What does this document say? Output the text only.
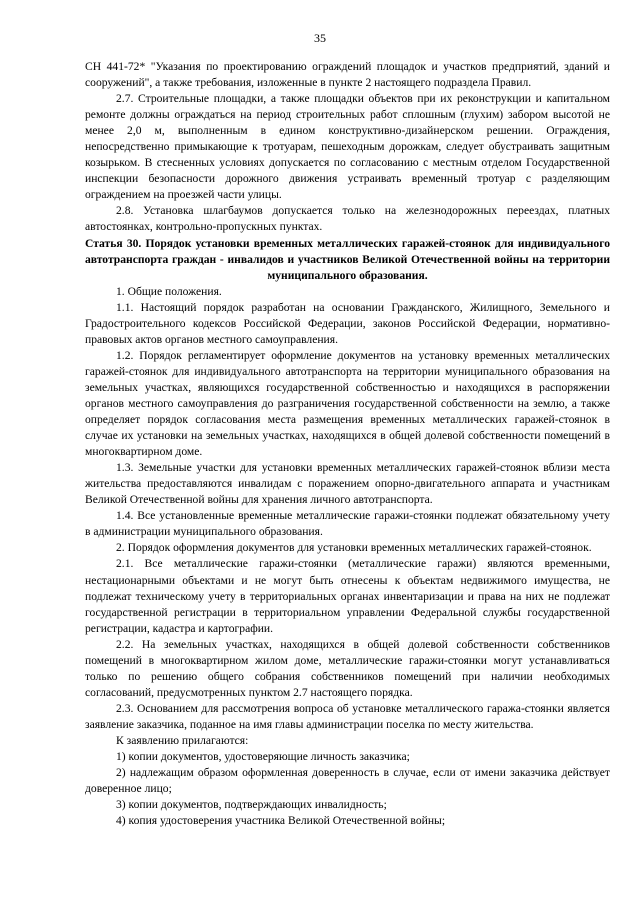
35

СН 441-72* "Указания по проектированию ограждений площадок и участков предприятий, зданий и сооружений", а также требования, изложенные в пункте 2 настоящего подраздела Правил.

2.7. Строительные площадки, а также площадки объектов при их реконструкции и капитальном ремонте должны ограждаться на период строительных работ сплошным (глухим) забором высотой не менее 2,0 м, выполненным в едином конструктивно-дизайнерском решении. Ограждения, непосредственно примыкающие к тротуарам, пешеходным дорожкам, следует обустраивать защитным козырьком. В стесненных условиях допускается по согласованию с местным отделом Государственной инспекции безопасности дорожного движения устраивать временный тротуар с разделяющим ограждением на проезжей части улицы.

2.8. Установка шлагбаумов допускается только на железнодорожных переездах, платных автостоянках, контрольно-пропускных пунктах.

Статья 30. Порядок установки временных металлических гаражей-стоянок для индивидуального автотранспорта граждан - инвалидов и участников Великой Отечественной войны на территории муниципального образования.

1. Общие положения.

1.1. Настоящий порядок разработан на основании Гражданского, Жилищного, Земельного и Градостроительного кодексов Российской Федерации, законов Российской Федерации, нормативно-правовых актов органов местного самоуправления.

1.2. Порядок регламентирует оформление документов на установку временных металлических гаражей-стоянок для индивидуального автотранспорта на территории муниципального образования на земельных участках, являющихся государственной собственностью и находящихся в распоряжении органов местного самоуправления до разграничения государственной собственности на землю, а также определяет порядок согласования места размещения временных металлических гаражей-стоянок в случае их установки на земельных участках, находящихся в общей долевой собственности помещений в многоквартирном доме.

1.3. Земельные участки для установки временных металлических гаражей-стоянок вблизи места жительства предоставляются инвалидам с поражением опорно-двигательного аппарата и участникам Великой Отечественной войны для хранения личного автотранспорта.

1.4. Все установленные временные металлические гаражи-стоянки подлежат обязательному учету в администрации муниципального образования.

2. Порядок оформления документов для установки временных металлических гаражей-стоянок.

2.1. Все металлические гаражи-стоянки (металлические гаражи) являются временными, нестационарными объектами и не могут быть отнесены к объектам недвижимого имущества, не подлежат техническому учету в территориальных органах инвентаризации и права на них не подлежат государственной регистрации в территориальном управлении Федеральной службы государственной регистрации, кадастра и картографии.

2.2. На земельных участках, находящихся в общей долевой собственности собственников помещений в многоквартирном жилом доме, металлические гаражи-стоянки могут устанавливаться только по решению общего собрания собственников помещений при наличии необходимых согласований, предусмотренных пунктом 2.7 настоящего порядка.

2.3. Основанием для рассмотрения вопроса об установке металлического гаража-стоянки является заявление заказчика, поданное на имя главы администрации поселка по месту жительства.

К заявлению прилагаются:

1) копии документов, удостоверяющие личность заказчика;

2) надлежащим образом оформленная доверенность в случае, если от имени заказчика действует доверенное лицо;

3) копии документов, подтверждающих инвалидность;

4) копия удостоверения участника Великой Отечественной войны;
